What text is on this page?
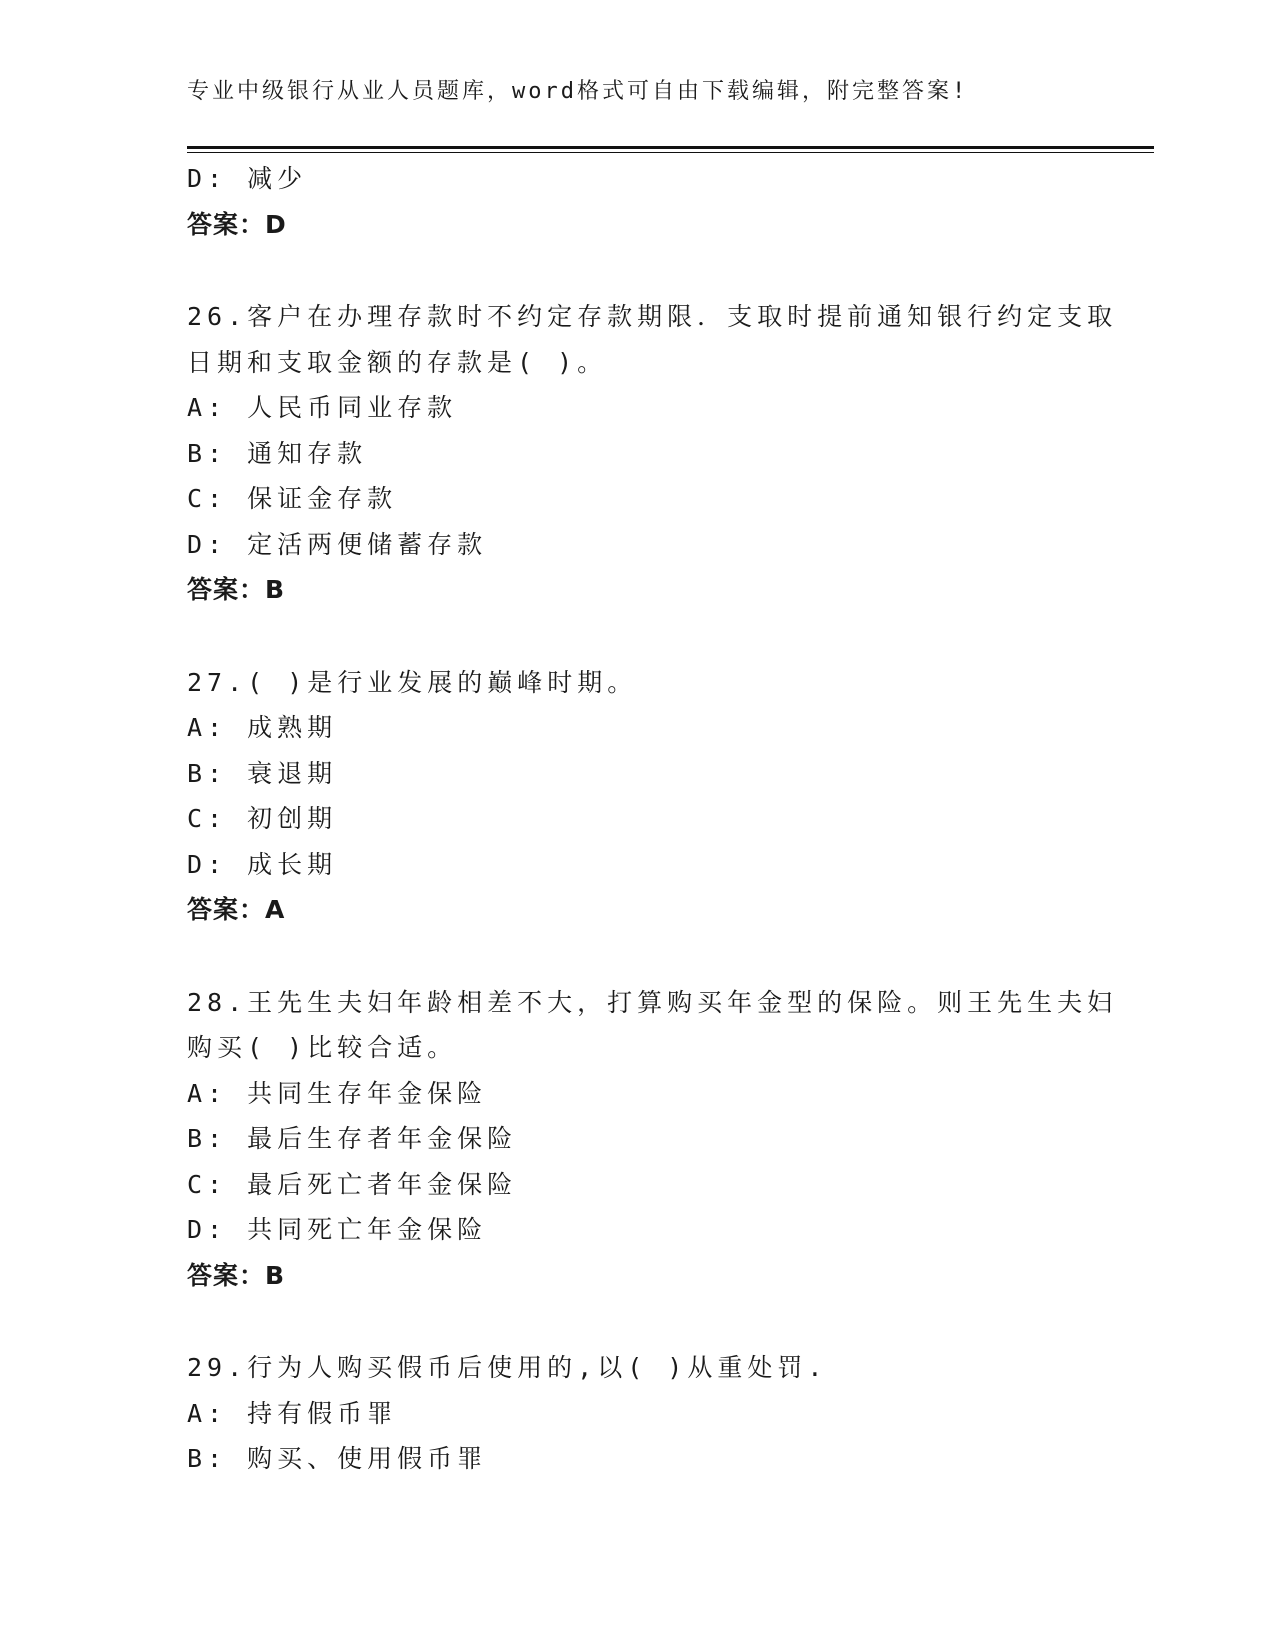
专业中级银行从业人员题库，word格式可自由下载编辑，附完整答案!
D: 减少
答案：D
26.客户在办理存款时不约定存款期限．支取时提前通知银行约定支取
日期和支取金额的存款是( )。
A: 人民币同业存款
B: 通知存款
C: 保证金存款
D: 定活两便储蓄存款
答案：B
27.( )是行业发展的巅峰时期。
A: 成熟期
B: 衰退期
C: 初创期
D: 成长期
答案：A
28.王先生夫妇年龄相差不大，打算购买年金型的保险。则王先生夫妇
购买( )比较合适。
A: 共同生存年金保险
B: 最后生存者年金保险
C: 最后死亡者年金保险
D: 共同死亡年金保险
答案：B
29.行为人购买假币后使用的,以( )从重处罚.
A: 持有假币罪
B: 购买、使用假币罪
